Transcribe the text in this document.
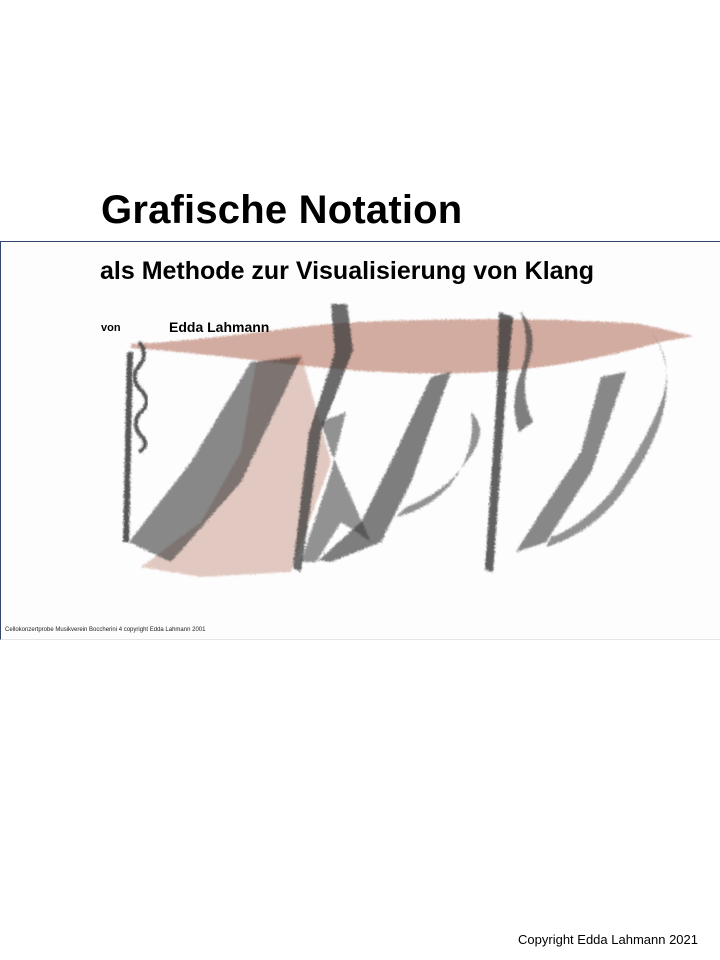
Grafische Notation
als Methode zur Visualisierung von Klang
von	Edda Lahmann
Cellokonzertprobe Musikverein Boccherini 4 copyright Edda Lahmann 2001
Copyright Edda Lahmann 2021
